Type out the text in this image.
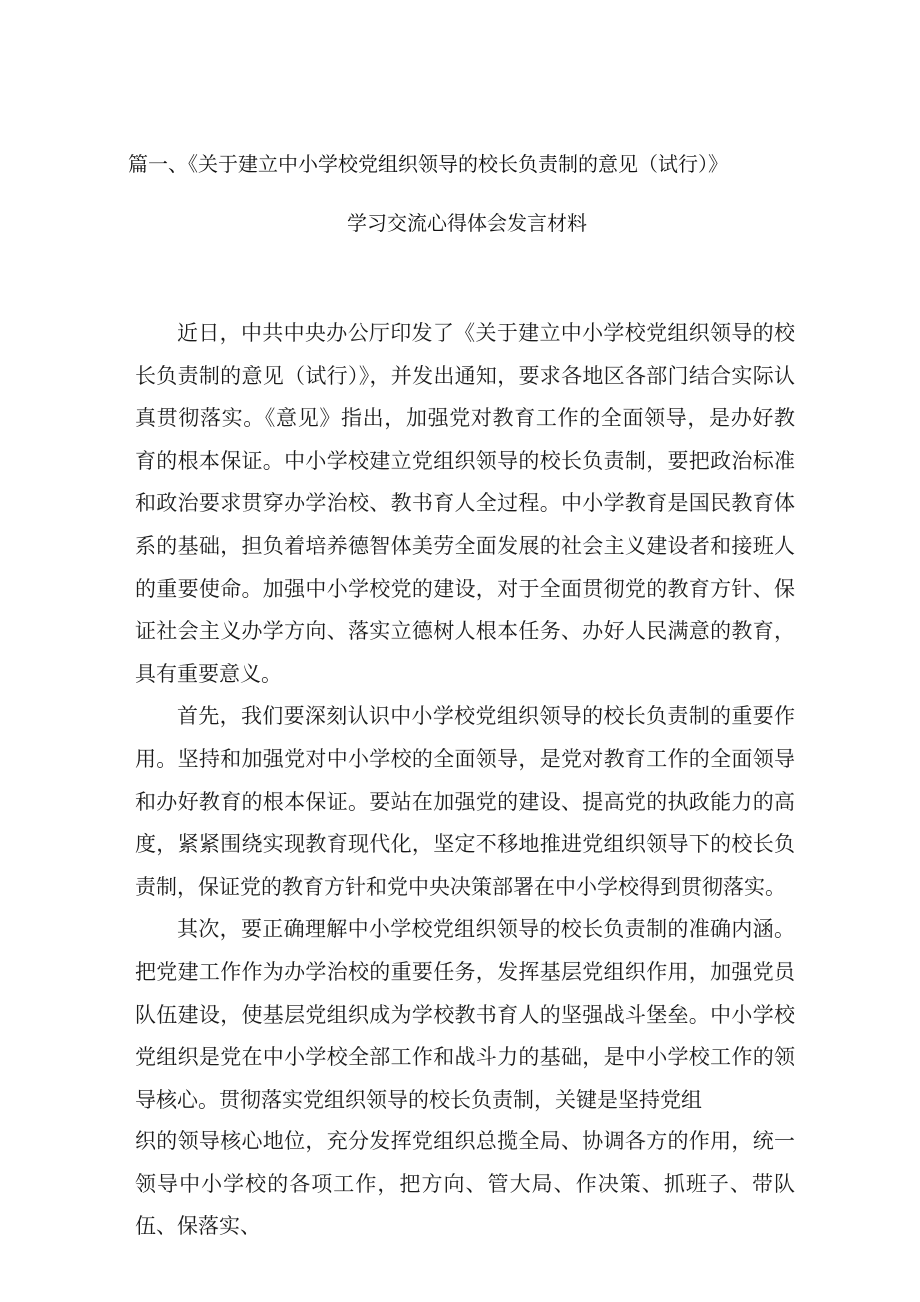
篇一、《关于建立中小学校党组织领导的校长负责制的意见（试行）》
学习交流心得体会发言材料

近日，中共中央办公厅印发了《关于建立中小学校党组织领导的校长负责制的意见（试行）》，并发出通知，要求各地区各部门结合实际认真贯彻落实。《意见》指出，加强党对教育工作的全面领导，是办好教育的根本保证。中小学校建立党组织领导的校长负责制，要把政治标准和政治要求贯穿办学治校、教书育人全过程。中小学教育是国民教育体系的基础，担负着培养德智体美劳全面发展的社会主义建设者和接班人的重要使命。加强中小学校党的建设，对于全面贯彻党的教育方针、保证社会主义办学方向、落实立德树人根本任务、办好人民满意的教育，具有重要意义。

首先，我们要深刻认识中小学校党组织领导的校长负责制的重要作用。坚持和加强党对中小学校的全面领导，是党对教育工作的全面领导和办好教育的根本保证。要站在加强党的建设、提高党的执政能力的高度，紧紧围绕实现教育现代化，坚定不移地推进党组织领导下的校长负责制，保证党的教育方针和党中央决策部署在中小学校得到贯彻落实。

其次，要正确理解中小学校党组织领导的校长负责制的准确内涵。把党建工作作为办学治校的重要任务，发挥基层党组织作用，加强党员队伍建设，使基层党组织成为学校教书育人的坚强战斗堡垒。中小学校党组织是党在中小学校全部工作和战斗力的基础，是中小学校工作的领导核心。贯彻落实党组织领导的校长负责制，关键是坚持党组

织的领导核心地位，充分发挥党组织总揽全局、协调各方的作用，统一领导中小学校的各项工作，把方向、管大局、作决策、抓班子、带队伍、保落实、
